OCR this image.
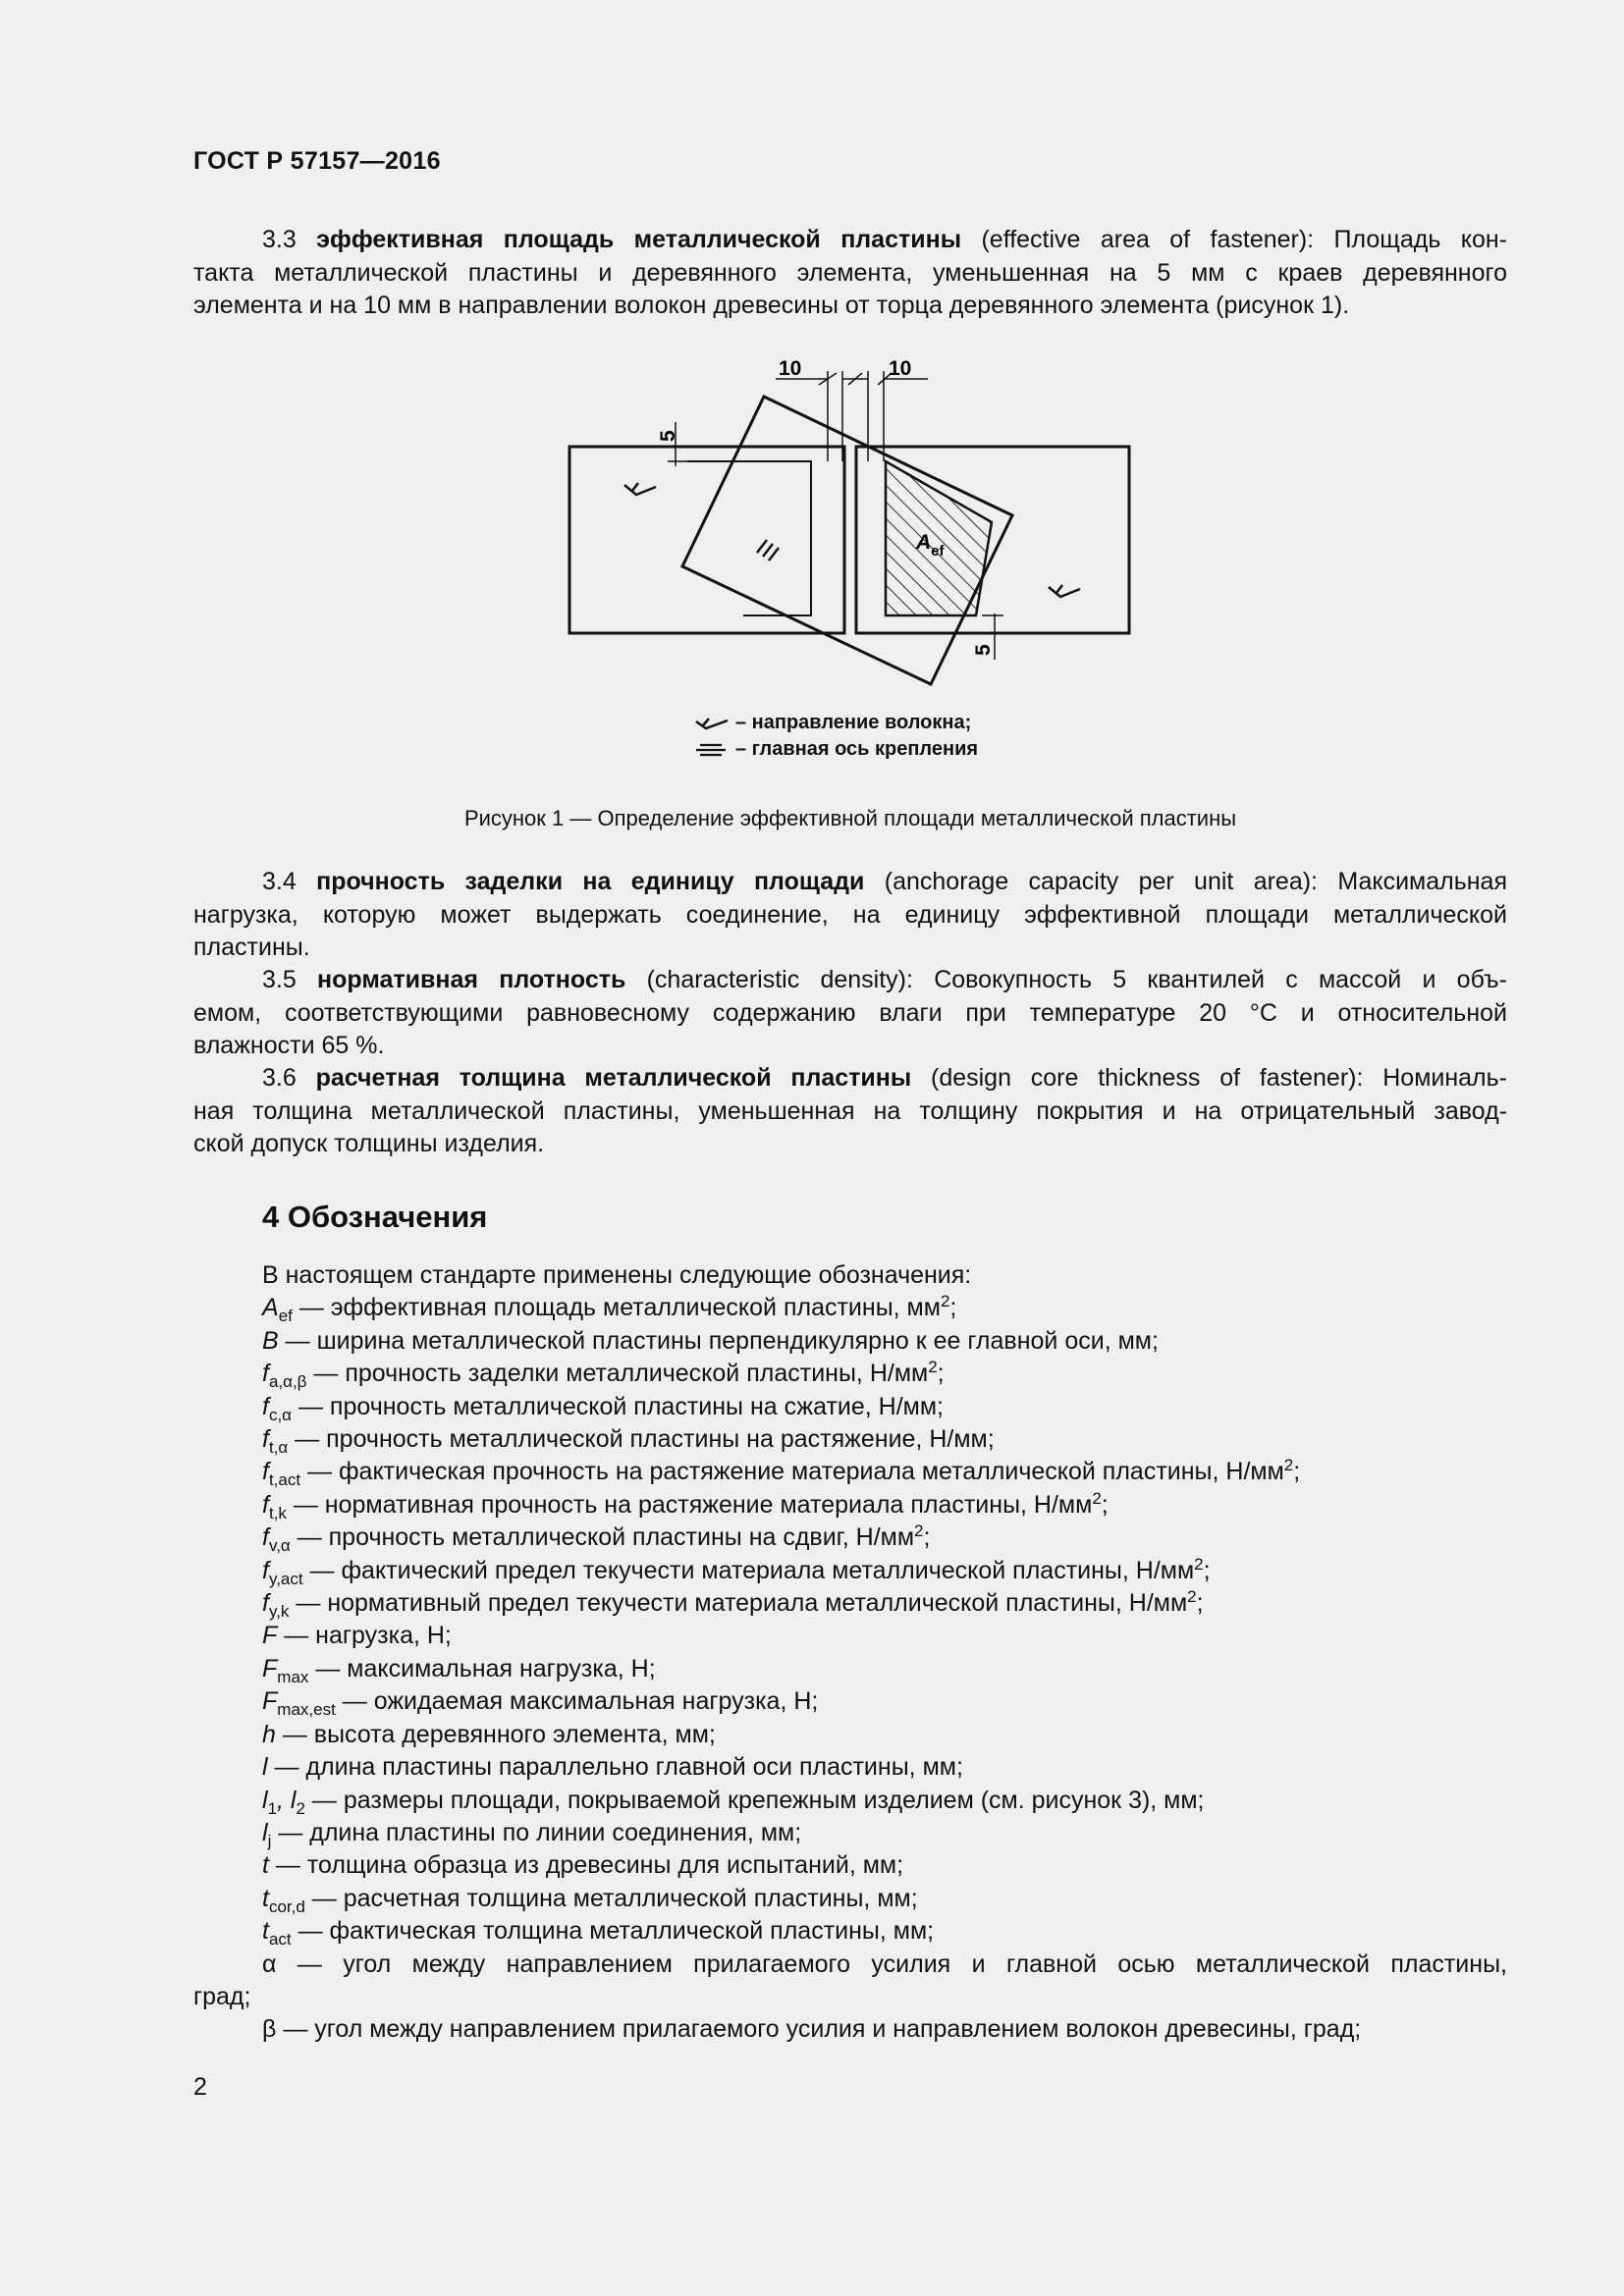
ГОСТ Р 57157—2016
3.3 эффективная площадь металлической пластины (effective area of fastener): Площадь кон-
такта металлической пластины и деревянного элемента, уменьшенная на 5 мм с краев деревянного
элемента и на 10 мм в направлении волокон древесины от торца деревянного элемента (рисунок 1).
10	10
5
5
$A_{ef}$
– направление волокна;
– главная ось крепления
Рисунок 1 — Определение эффективной площади металлической пластины
3.4 прочность заделки на единицу площади (anchorage capacity per unit area): Максимальная
нагрузка, которую может выдержать соединение, на единицу эффективной площади металлической
пластины.
3.5 нормативная плотность (characteristic density): Совокупность 5 квантилей с массой и объ-
емом, соответствующими равновесному содержанию влаги при температуре 20 °С и относительной
влажности 65 %.
3.6 расчетная толщина металлической пластины (design core thickness of fastener): Номиналь-
ная толщина металлической пластины, уменьшенная на толщину покрытия и на отрицательный завод-
ской допуск толщины изделия.
4 Обозначения
В настоящем стандарте применены следующие обозначения:
$A_{ef}$ — эффективная площадь металлической пластины, $мм^2$;
B — ширина металлической пластины перпендикулярно к ее главной оси, мм;
$f_{a,\alpha,\beta}$ — прочность заделки металлической пластины, $Н/мм^2$;
$f_{c,\alpha}$ — прочность металлической пластины на сжатие, Н/мм;
$f_{t,\alpha}$ — прочность металлической пластины на растяжение, Н/мм;
$f_{t,act}$ — фактическая прочность на растяжение материала металлической пластины, $Н/мм^2$;
$f_{t,k}$ — нормативная прочность на растяжение материала пластины, $Н/мм^2$;
$f_{v,\alpha}$ — прочность металлической пластины на сдвиг, $Н/мм^2$;
$f_{y,act}$ — фактический предел текучести материала металлической пластины, $Н/мм^2$;
$f_{y,k}$ — нормативный предел текучести материала металлической пластины, $Н/мм^2$;
F — нагрузка, Н;
$F_{max}$ — максимальная нагрузка, Н;
$F_{max,est}$ — ожидаемая максимальная нагрузка, Н;
h — высота деревянного элемента, мм;
l — длина пластины параллельно главной оси пластины, мм;
$l_1$, $l_2$ — размеры площади, покрываемой крепежным изделием (см. рисунок 3), мм;
$l_j$ — длина пластины по линии соединения, мм;
t — толщина образца из древесины для испытаний, мм;
$t_{cor,d}$ — расчетная толщина металлической пластины, мм;
$t_{act}$ — фактическая толщина металлической пластины, мм;
α — угол между направлением прилагаемого усилия и главной осью металлической пластины,
град;
β — угол между направлением прилагаемого усилия и направлением волокон древесины, град;
2
